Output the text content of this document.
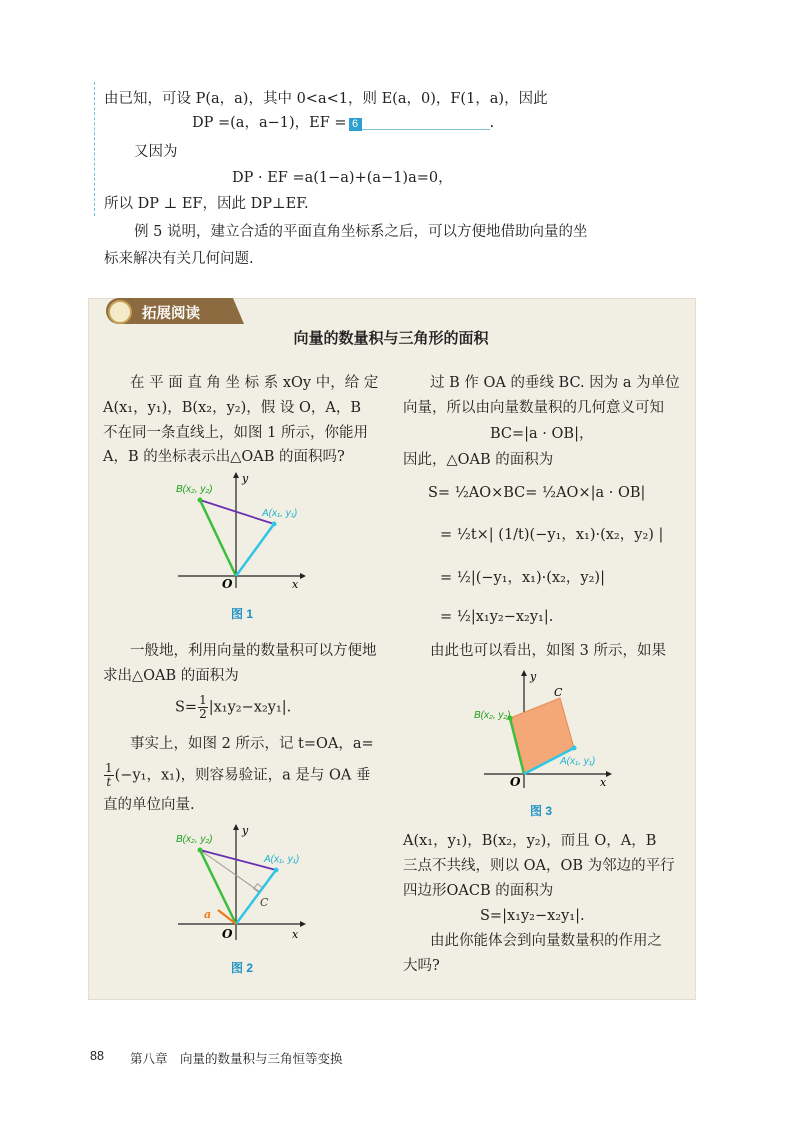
由已知，可设 P(a，a)，其中 0<a<1，则 E(a，0)，F(1，a)，因此
DP =(a，a−1)，EF = 6	.
又因为
DP · EF =a(1−a)+(a−1)a=0，
所以 DP ⊥ EF，因此 DP⊥EF.
例 5 说明，建立合适的平面直角坐标系之后，可以方便地借助向量的坐
标来解决有关几何问题.
拓展阅读
向量的数量积与三角形的面积
在 平 面 直 角 坐 标 系 xOy 中，给 定
A(x₁，y₁)，B(x₂，y₂)，假 设 O，A，B
不在同一条直线上，如图 1 所示，你能用
A，B 的坐标表示出△OAB 的面积吗?
B(x₂, y₂)
A(x₁, y₁)
O	x
y
图 1
一般地，利用向量的数量积可以方便地
求出△OAB 的面积为
$S= \frac{1}{2} |x_1y_2-x_2y_1|$.
事实上，如图 2 所示，记 t=OA，a=
$\frac{1}{t} (-y_1$，x₁)，则容易验证，a 是与 OA 垂
直的单位向量.
B(x₂, y₂)
A(x₁, y₁)
C
a
O	x
y
图 2
过 B 作 OA 的垂线 BC. 因为 a 为单位
向量，所以由向量数量积的几何意义可知
BC=|a · OB|，
因此，△OAB 的面积为
S= ½AO×BC= ½AO×|a · OB|
= ½t×| (1/t)(−y₁，x₁)·(x₂，y₂) |
= ½|(−y₁，x₁)·(x₂，y₂)|
= ½|x₁y₂−x₂y₁|.
由此也可以看出，如图 3 所示，如果
B(x₂, y₂)
A(x₁, y₁)
C
O	x
y
图 3
A(x₁，y₁)，B(x₂，y₂)，而且 O，A，B
三点不共线，则以 OA，OB 为邻边的平行
四边形OACB 的面积为
S=|x₁y₂−x₂y₁|.
由此你能体会到向量数量积的作用之
大吗?
88 第八章　向量的数量积与三角恒等变换
